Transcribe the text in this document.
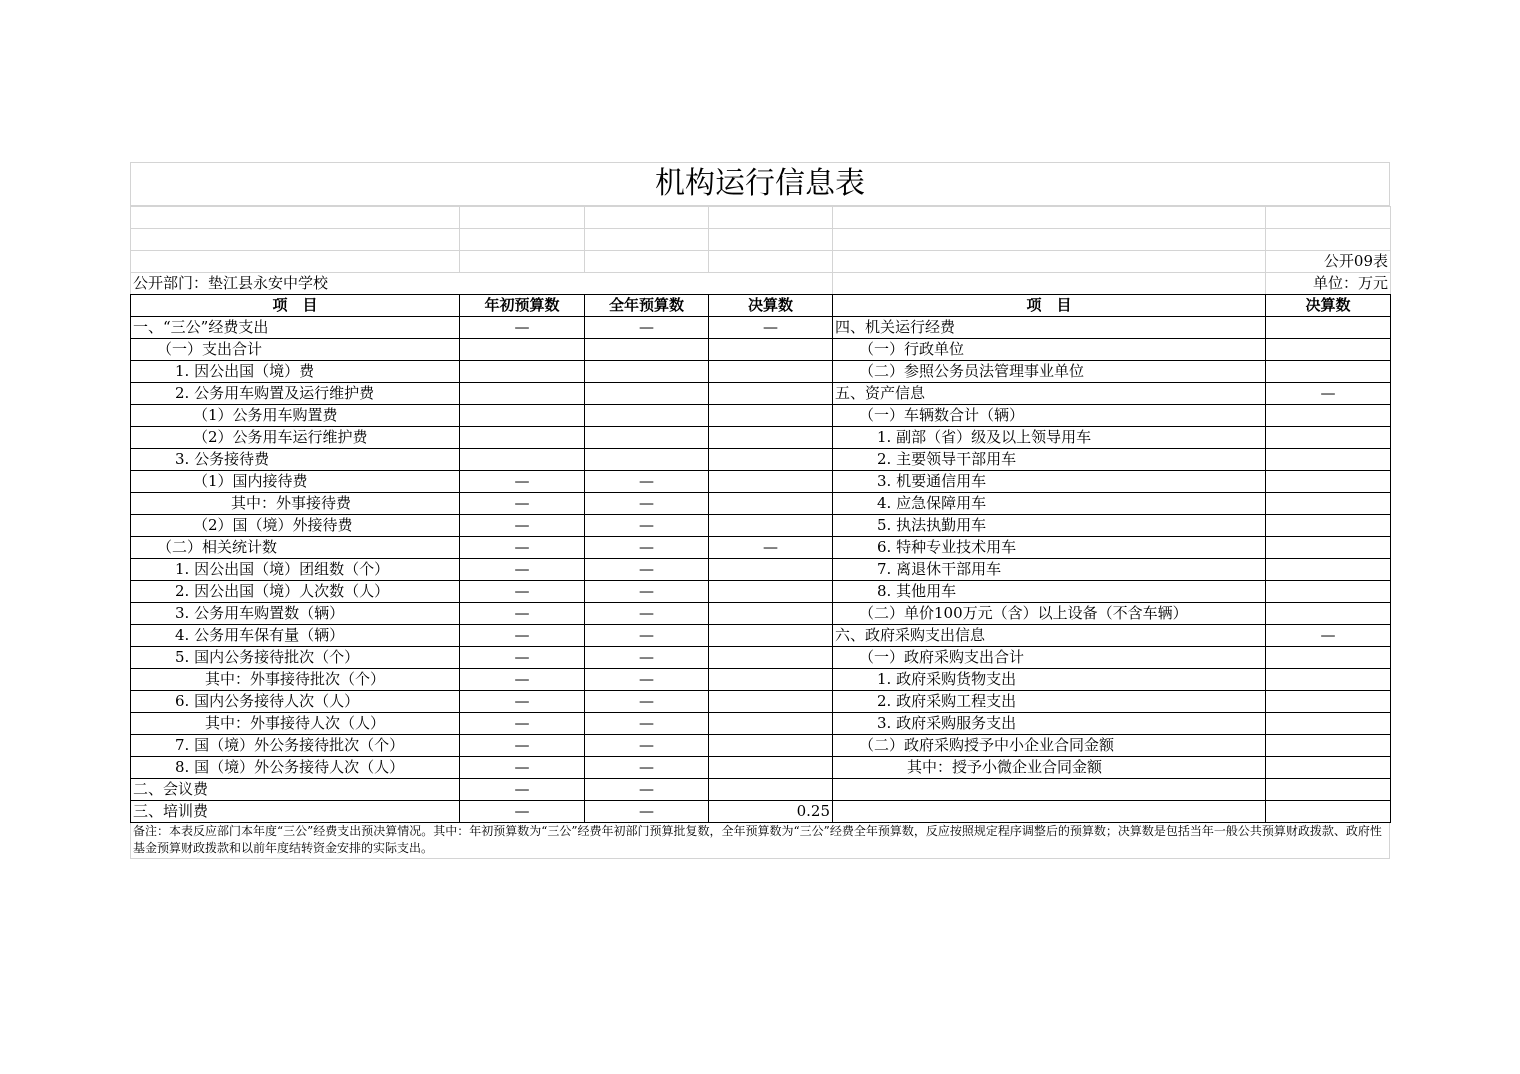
机构运行信息表

					公开09表
公开部门：垫江县永安中学校					单位：万元
项　目	年初预算数	全年预算数	决算数	项　目	决算数
一、“三公”经费支出	—	—	—	四、机关运行经费	
（一）支出合计				（一）行政单位	
1. 因公出国（境）费				（二）参照公务员法管理事业单位	
2. 公务用车购置及运行维护费				五、资产信息	—
（1）公务用车购置费				（一）车辆数合计（辆）	
（2）公务用车运行维护费				1. 副部（省）级及以上领导用车	
3. 公务接待费				2. 主要领导干部用车	
（1）国内接待费	—	—		3. 机要通信用车	
其中：外事接待费	—	—		4. 应急保障用车	
（2）国（境）外接待费	—	—		5. 执法执勤用车	
（二）相关统计数	—	—	—	6. 特种专业技术用车	
1. 因公出国（境）团组数（个）	—	—		7. 离退休干部用车	
2. 因公出国（境）人次数（人）	—	—		8. 其他用车	
3. 公务用车购置数（辆）	—	—		（二）单价100万元（含）以上设备（不含车辆）	
4. 公务用车保有量（辆）	—	—		六、政府采购支出信息	—
5. 国内公务接待批次（个）	—	—		（一）政府采购支出合计	
其中：外事接待批次（个）	—	—		1. 政府采购货物支出	
6. 国内公务接待人次（人）	—	—		2. 政府采购工程支出	
其中：外事接待人次（人）	—	—		3. 政府采购服务支出	
7. 国（境）外公务接待批次（个）	—	—		（二）政府采购授予中小企业合同金额	
8. 国（境）外公务接待人次（人）	—	—		其中：授予小微企业合同金额	
二、会议费	—	—			
三、培训费	—	—	0.25		
备注：本表反应部门本年度“三公”经费支出预决算情况。其中：年初预算数为“三公”经费年初部门预算批复数，全年预算数为“三公”经费全年预算数，反应按照规定程序调整后的预算数；决算数是包括当年一般公共预算财政拨款、政府性基金预算财政拨款和以前年度结转资金安排的实际支出。
